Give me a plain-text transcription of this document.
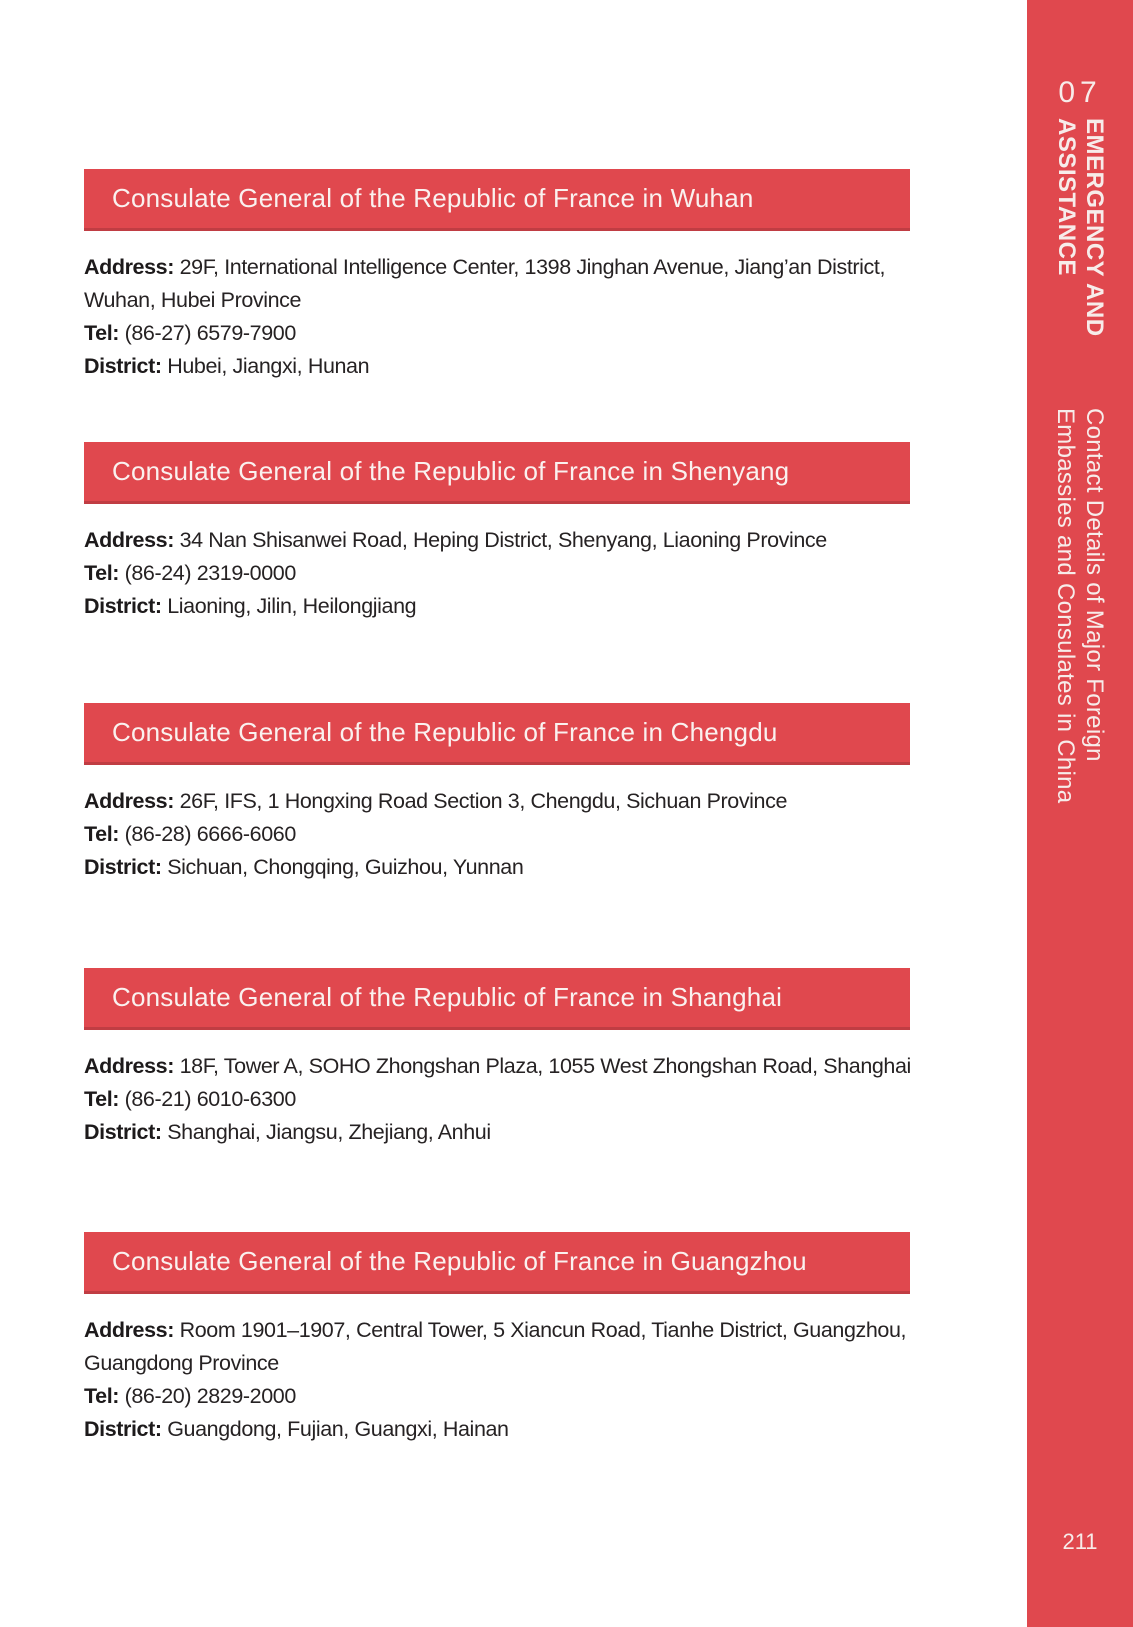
Consulate General of the Republic of France in Wuhan

Address: 29F, International Intelligence Center, 1398 Jinghan Avenue, Jiang’an District,

Wuhan, Hubei Province

Tel: (86-27) 6579-7900

District: Hubei, Jiangxi, Hunan

Consulate General of the Republic of France in Shenyang

Address: 34 Nan Shisanwei Road, Heping District, Shenyang, Liaoning Province

Tel: (86-24) 2319-0000

District: Liaoning, Jilin, Heilongjiang

Consulate General of the Republic of France in Chengdu

Address: 26F, IFS, 1 Hongxing Road Section 3, Chengdu, Sichuan Province

Tel: (86-28) 6666-6060

District: Sichuan, Chongqing, Guizhou, Yunnan

Consulate General of the Republic of France in Shanghai

Address: 18F, Tower A, SOHO Zhongshan Plaza, 1055 West Zhongshan Road, Shanghai

Tel: (86-21) 6010-6300

District: Shanghai, Jiangsu, Zhejiang, Anhui

Consulate General of the Republic of France in Guangzhou

Address: Room 1901–1907, Central Tower, 5 Xiancun Road, Tianhe District, Guangzhou,

Guangdong Province

Tel: (86-20) 2829-2000

District: Guangdong, Fujian, Guangxi, Hainan

07
EMERGENCY AND
ASSISTANCE
Contact Details of Major Foreign
Embassies and Consulates in China
211
